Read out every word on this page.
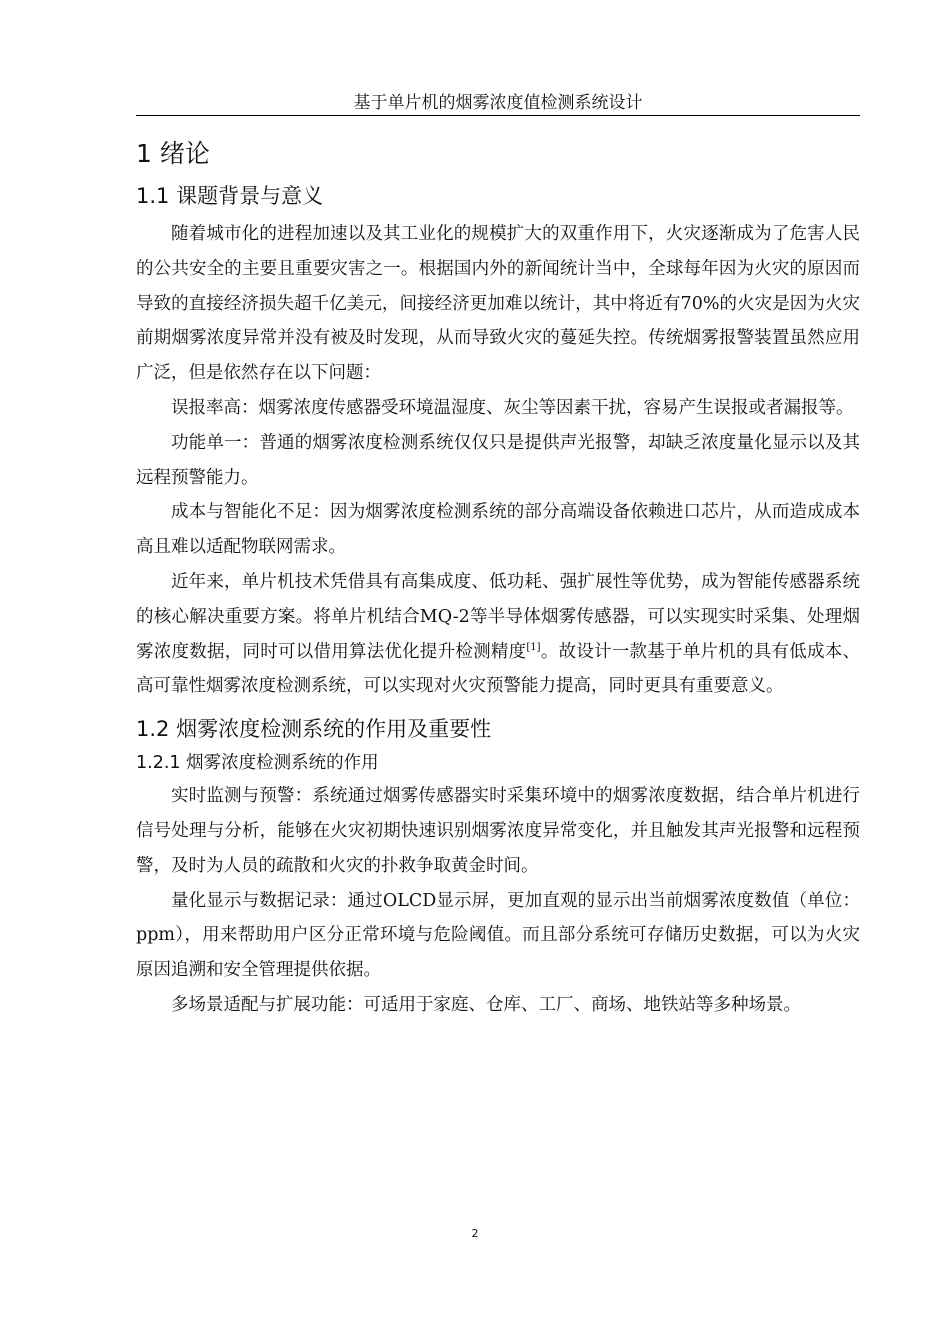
基于单片机的烟雾浓度值检测系统设计
1 绪论
1.1 课题背景与意义

随着城市化的进程加速以及其工业化的规模扩大的双重作用下，火灾逐渐成为了危害人民的公共安全的主要且重要灾害之一。根据国内外的新闻统计当中，全球每年因为火灾的原因而导致的直接经济损失超千亿美元，间接经济更加难以统计，其中将近有70%的火灾是因为火灾前期烟雾浓度异常并没有被及时发现，从而导致火灾的蔓延失控。传统烟雾报警装置虽然应用广泛，但是依然存在以下问题：

误报率高：烟雾浓度传感器受环境温湿度、灰尘等因素干扰，容易产生误报或者漏报等。

功能单一：普通的烟雾浓度检测系统仅仅只是提供声光报警，却缺乏浓度量化显示以及其远程预警能力。

成本与智能化不足：因为烟雾浓度检测系统的部分高端设备依赖进口芯片，从而造成成本高且难以适配物联网需求。

近年来，单片机技术凭借具有高集成度、低功耗、强扩展性等优势，成为智能传感器系统的核心解决重要方案。将单片机结合MQ-2等半导体烟雾传感器，可以实现实时采集、处理烟雾浓度数据，同时可以借用算法优化提升检测精度[1]。故设计一款基于单片机的具有低成本、高可靠性烟雾浓度检测系统，可以实现对火灾预警能力提高，同时更具有重要意义。

1.2 烟雾浓度检测系统的作用及重要性
1.2.1 烟雾浓度检测系统的作用

实时监测与预警：系统通过烟雾传感器实时采集环境中的烟雾浓度数据，结合单片机进行信号处理与分析，能够在火灾初期快速识别烟雾浓度异常变化，并且触发其声光报警和远程预警，及时为人员的疏散和火灾的扑救争取黄金时间。

量化显示与数据记录：通过OLCD显示屏，更加直观的显示出当前烟雾浓度数值（单位：ppm），用来帮助用户区分正常环境与危险阈值。而且部分系统可存储历史数据，可以为火灾原因追溯和安全管理提供依据。

多场景适配与扩展功能：可适用于家庭、仓库、工厂、商场、地铁站等多种场景。

2
